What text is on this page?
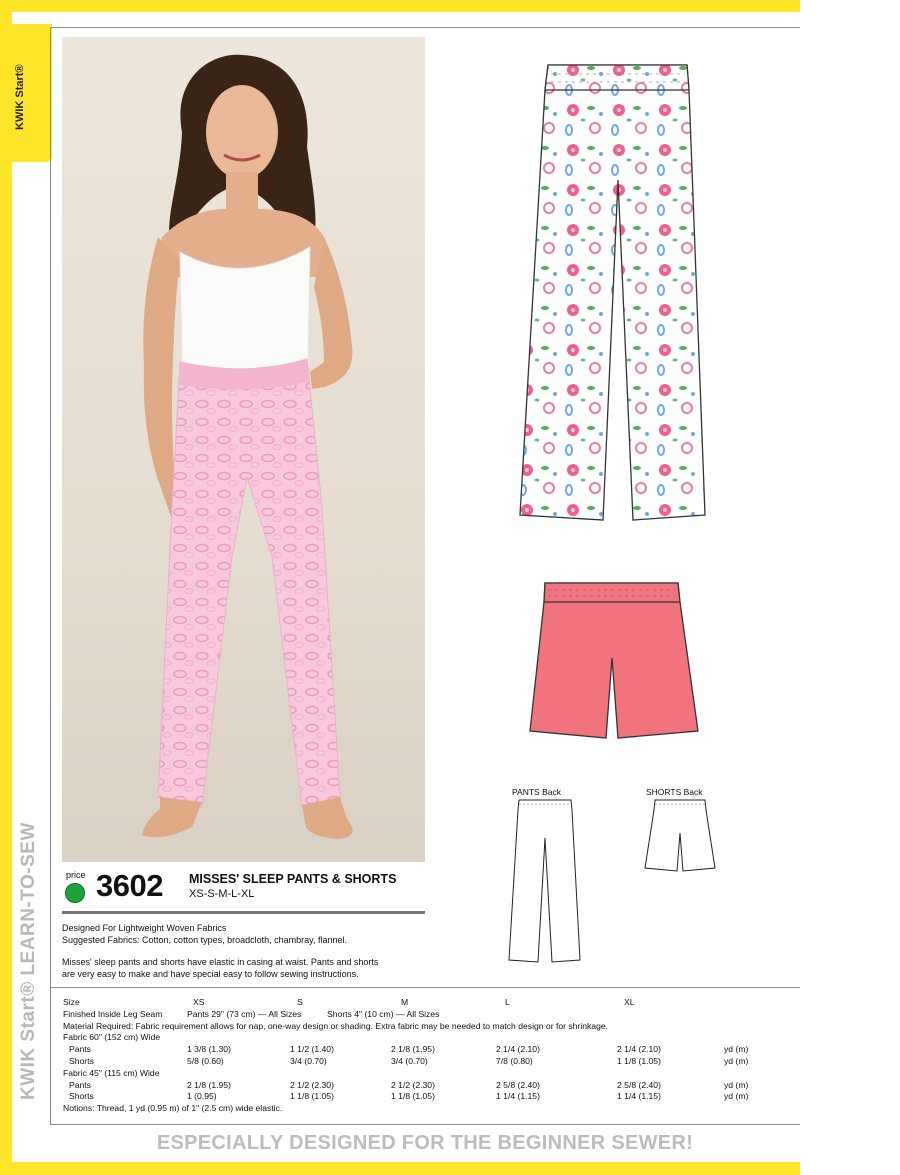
KWIK Start®
KWIK Start® LEARN-TO-SEW	price 3602 MISSES' SLEEP PANTS & SHORTS
XS-S-M-L-XL

Designed For Lightweight Woven Fabrics

Suggested Fabrics: Cotton, cotton types, broadcloth, chambray, flannel.

Misses' sleep pants and shorts have elastic in casing at waist. Pants and shorts

are very easy to make and have special easy to follow sewing instructions.

PANTS Back	SHORTS Back
Size	XS	S	M	L	XL
Finished Inside Leg Seam	Pants 29" (73 cm) — All Sizes	Shorts 4" (10 cm) — All Sizes
Material Required: Fabric requirement allows for nap, one-way design or shading. Extra fabric may be needed to match design or for shrinkage.
Fabric 60" (152 cm) Wide
Pants	1 3/8 (1.30)	1 1/2 (1.40)	2 1/8 (1.95)	2 1/4 (2.10)	2 1/4 (2.10)	yd (m)
Shorts	5/8 (0.60)	3/4 (0.70)	3/4 (0.70)	7/8 (0.80)	1 1/8 (1.05)	yd (m)
Fabric 45" (115 cm) Wide
Pants	2 1/8 (1.95)	2 1/2 (2.30)	2 1/2 (2.30)	2 5/8 (2.40)	2 5/8 (2.40)	yd (m)
Shorts	1 (0.95)	1 1/8 (1.05)	1 1/8 (1.05)	1 1/4 (1.15)	1 1/4 (1.15)	yd (m)
Notions: Thread, 1 yd (0.95 m) of 1" (2.5 cm) wide elastic.
ESPECIALLY DESIGNED FOR THE BEGINNER SEWER!
